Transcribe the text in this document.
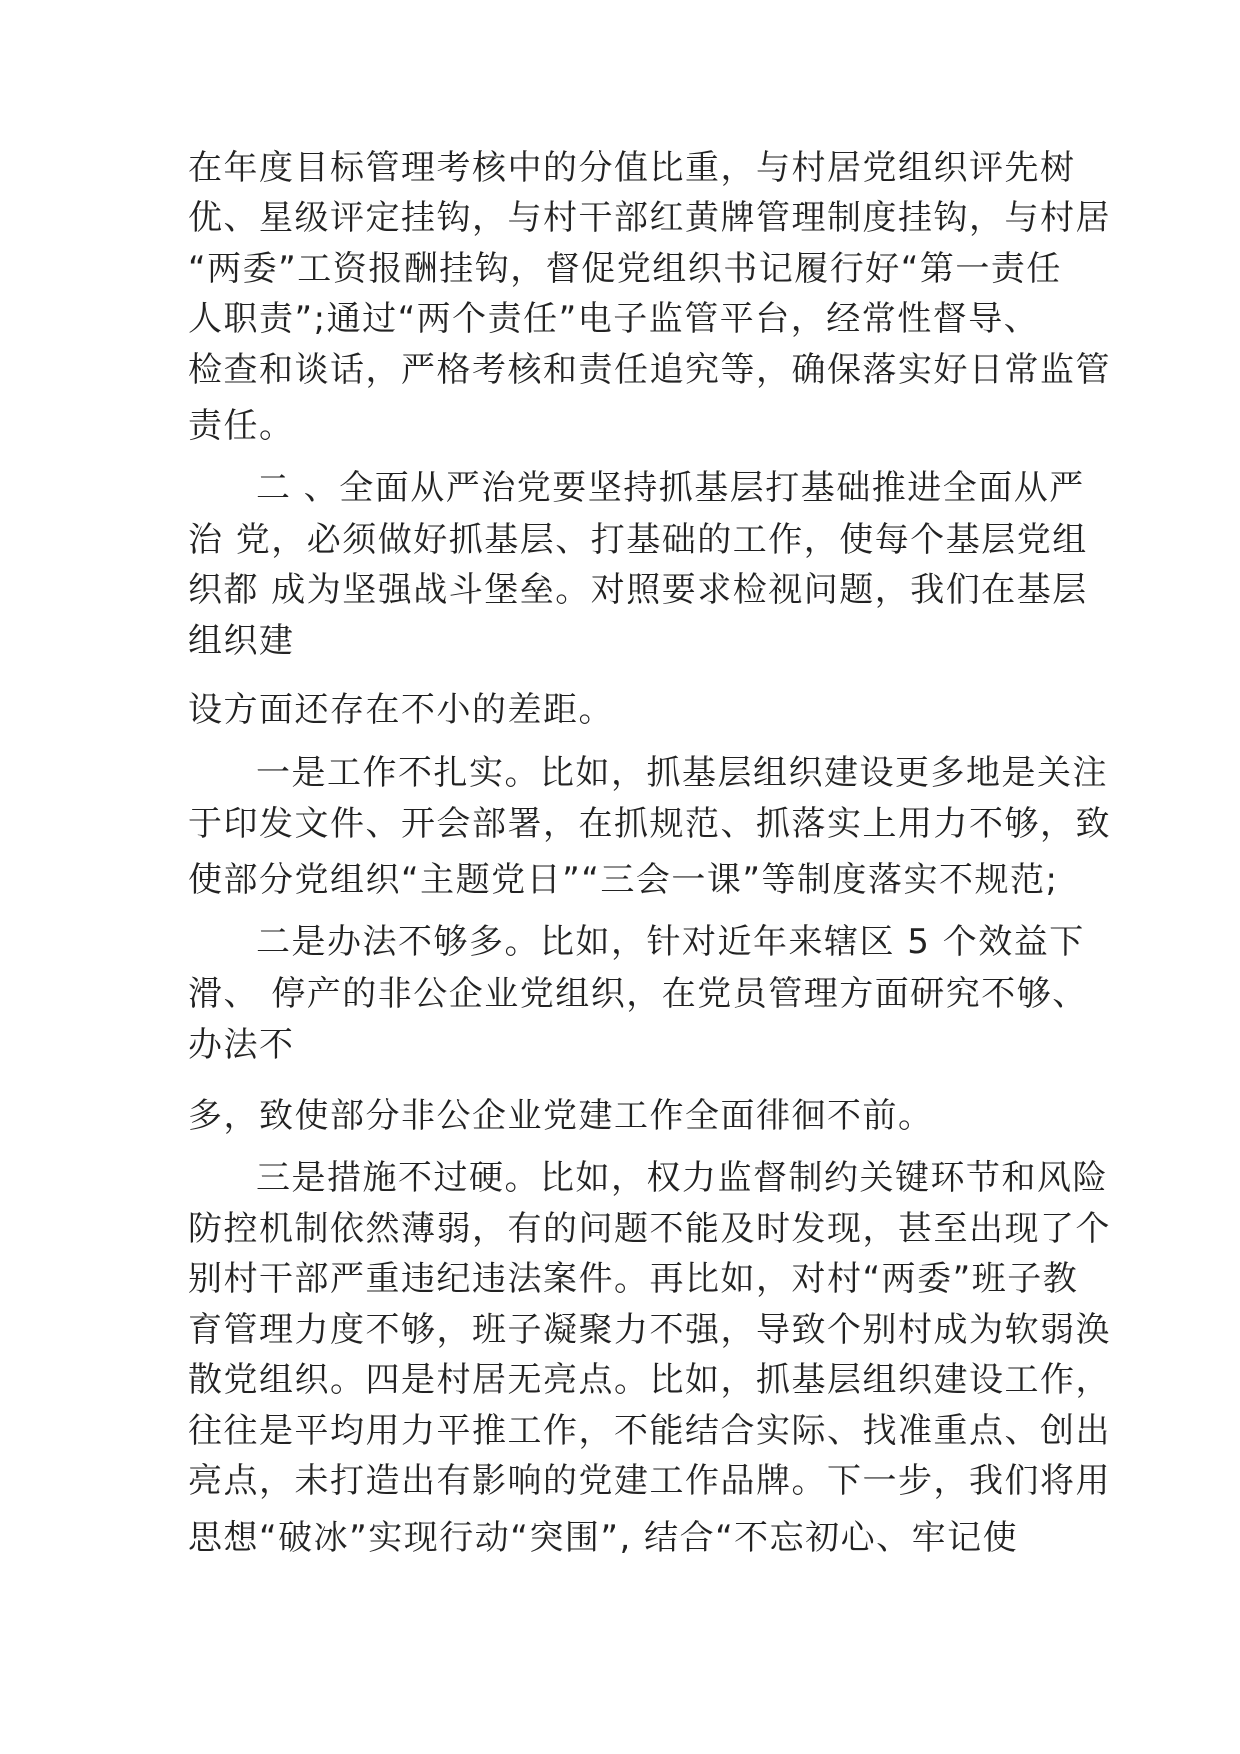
在年度目标管理考核中的分值比重，与村居党组织评先树
优、星级评定挂钩，与村干部红黄牌管理制度挂钩，与村居
“两委”工资报酬挂钩，督促党组织书记履行好“第一责任
人职责”;通过“两个责任”电子监管平台，经常性督导、
检查和谈话，严格考核和责任追究等，确保落实好日常监管
责任。
二 、全面从严治党要坚持抓基层打基础推进全面从严
治 党，必须做好抓基层、打基础的工作，使每个基层党组
织都 成为坚强战斗堡垒。对照要求检视问题，我们在基层
组织建
设方面还存在不小的差距。
一是工作不扎实。比如，抓基层组织建设更多地是关注
于印发文件、开会部署，在抓规范、抓落实上用力不够，致
使部分党组织“主题党日”“三会一课”等制度落实不规范;
二是办法不够多。比如，针对近年来辖区 5 个效益下
滑、 停产的非公企业党组织，在党员管理方面研究不够、
办法不
多，致使部分非公企业党建工作全面徘徊不前。
三是措施不过硬。比如，权力监督制约关键环节和风险
防控机制依然薄弱，有的问题不能及时发现，甚至出现了个
别村干部严重违纪违法案件。再比如，对村“两委”班子教
育管理力度不够，班子凝聚力不强，导致个别村成为软弱涣
散党组织。四是村居无亮点。比如，抓基层组织建设工作，
往往是平均用力平推工作，不能结合实际、找准重点、创出
亮点，未打造出有影响的党建工作品牌。下一步，我们将用
思想“破冰”实现行动“突围”, 结合“不忘初心、牢记使
